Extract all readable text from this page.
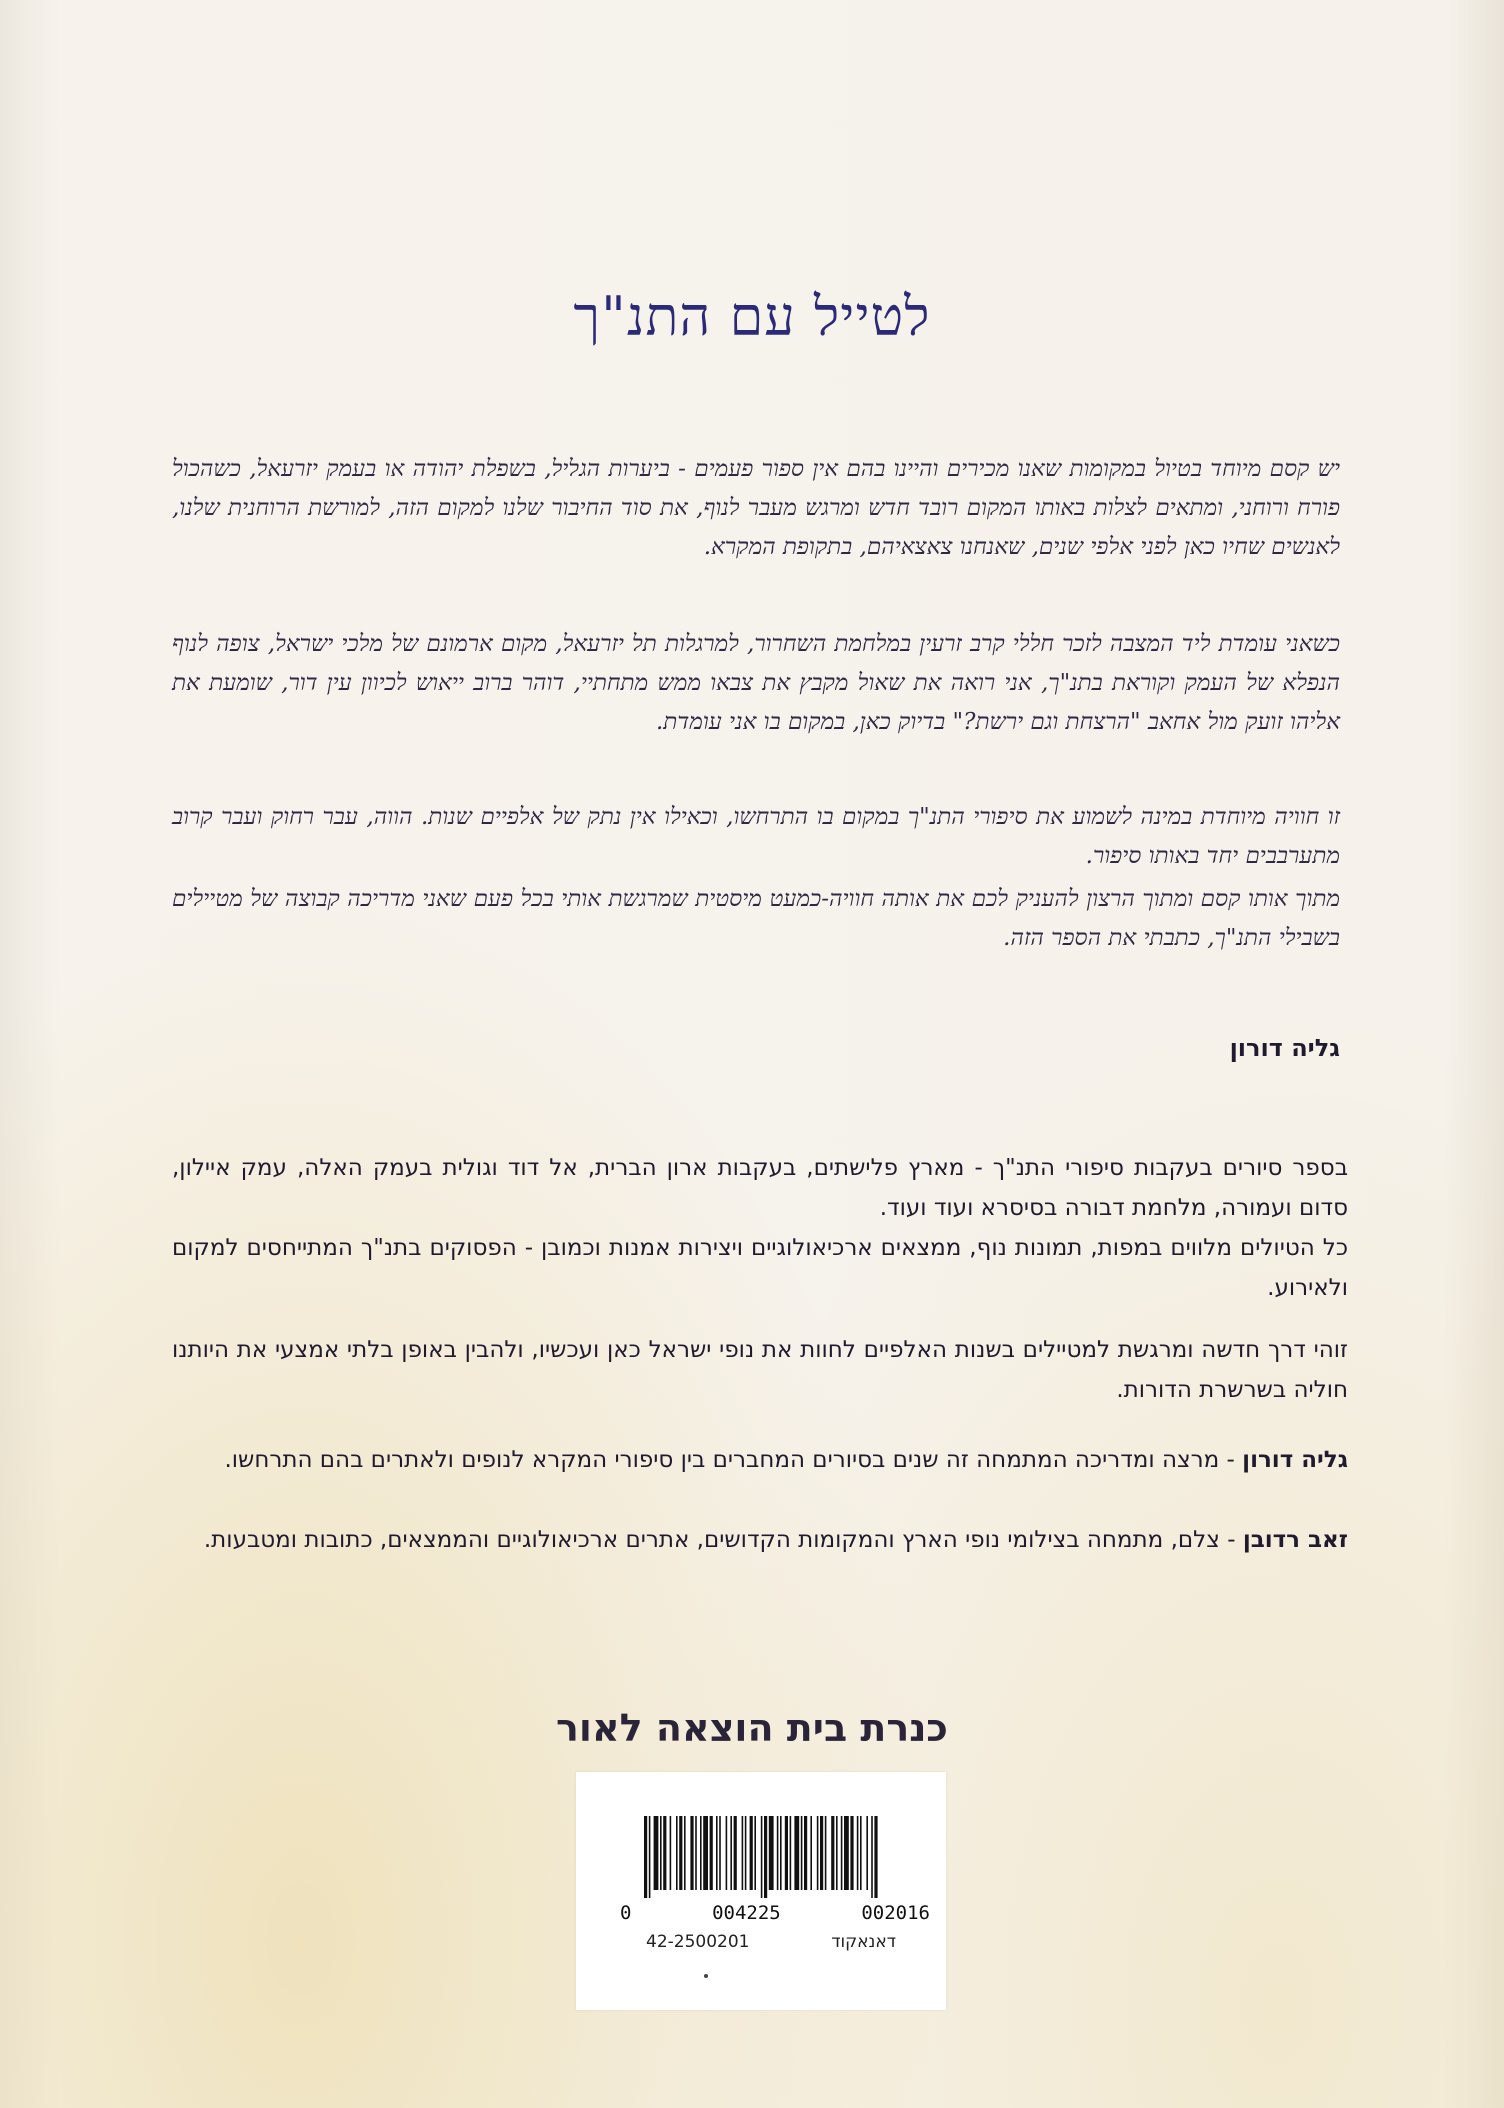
לטייל עם התנ"ך

יש קסם מיוחד בטיול במקומות שאנו מכירים והיינו בהם אין ספור פעמים - ביערות הגליל, בשפלת יהודה או בעמק יזרעאל, כשהכול פורח ורוחני, ומתאים לצלות באותו המקום רובד חדש ומרגש מעבר לנוף, את סוד החיבור שלנו למקום הזה, למורשת הרוחנית שלנו, לאנשים שחיו כאן לפני אלפי שנים, שאנחנו צאצאיהם, בתקופת המקרא.

כשאני עומדת ליד המצבה לזכר חללי קרב זרעין במלחמת השחרור, למרגלות תל יזרעאל, מקום ארמונם של מלכי ישראל, צופה לנוף הנפלא של העמק וקוראת בתנ"ך, אני רואה את שאול מקבץ את צבאו ממש מתחתיי, דוהר ברוב ייאוש לכיוון עין דור, שומעת את אליהו זועק מול אחאב "הרצחת וגם ירשת?" בדיוק כאן, במקום בו אני עומדת.

זו חוויה מיוחדת במינה לשמוע את סיפורי התנ"ך במקום בו התרחשו, וכאילו אין נתק של אלפיים שנות. הווה, עבר רחוק ועבר קרוב מתערבבים יחד באותו סיפור.

מתוך אותו קסם ומתוך הרצון להעניק לכם את אותה חוויה-כמעט מיסטית שמרגשת אותי בכל פעם שאני מדריכה קבוצה של מטיילים בשבילי התנ"ך, כתבתי את הספר הזה.

גליה דורון

בספר סיורים בעקבות סיפורי התנ"ך - מארץ פלישתים, בעקבות ארון הברית, אל דוד וגולית בעמק האלה, עמק איילון, סדום ועמורה, מלחמת דבורה בסיסרא ועוד ועוד.

כל הטיולים מלווים במפות, תמונות נוף, ממצאים ארכיאולוגיים ויצירות אמנות וכמובן - הפסוקים בתנ"ך המתייחסים למקום ולאירוע.

זוהי דרך חדשה ומרגשת למטיילים בשנות האלפיים לחוות את נופי ישראל כאן ועכשיו, ולהבין באופן בלתי אמצעי את היותנו חוליה בשרשרת הדורות.

גליה דורון - מרצה ומדריכה המתמחה זה שנים בסיורים המחברים בין סיפורי המקרא לנופים ולאתרים בהם התרחשו.

זאב רדובן - צלם, מתמחה בצילומי נופי הארץ והמקומות הקדושים, אתרים ארכיאולוגיים והממצאים, כתובות ומטבעות.

כנרת בית הוצאה לאור
0	004225	002016
42-2500201	דאנאקוד
